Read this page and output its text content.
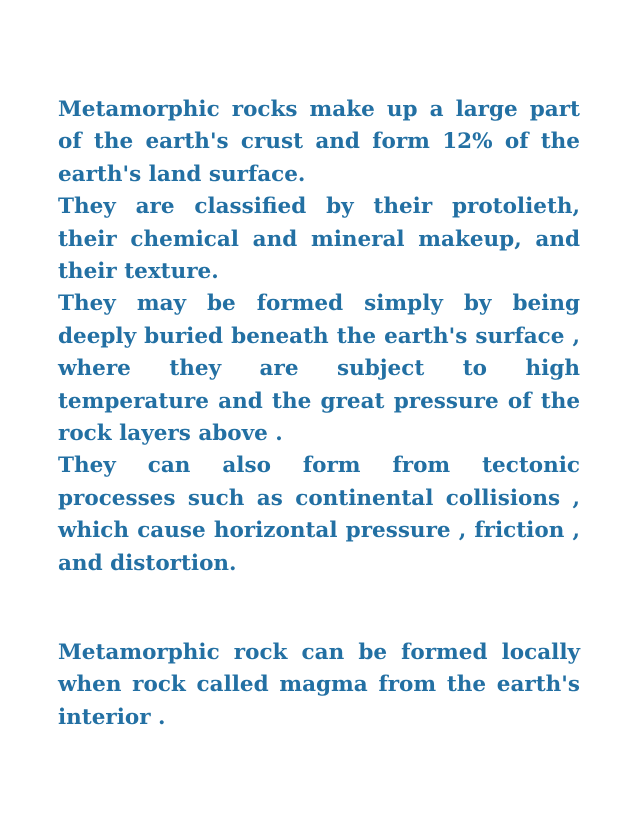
Metamorphic rocks make up a large part of the earth's crust and form 12% of the earth's land surface.

They are classified by their protolieth, their chemical and mineral makeup, and their texture.

They may be formed simply by being deeply buried beneath the earth's surface , where they are subject to high temperature and the great pressure of the rock layers above .

They can also form from tectonic processes such as continental collisions , which cause horizontal pressure , friction , and distortion.

Metamorphic rock can be formed locally when rock called magma from the earth's interior .
